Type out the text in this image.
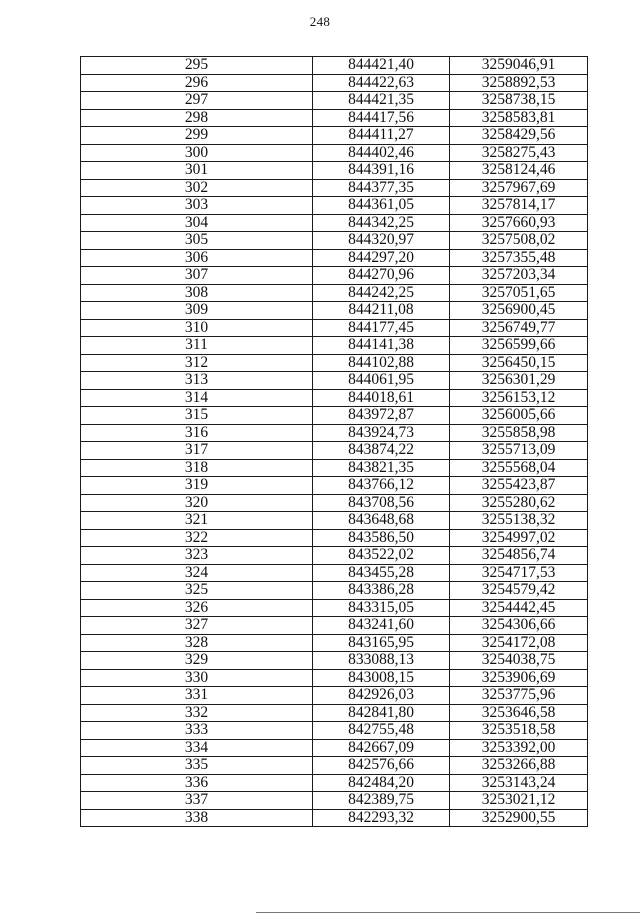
248
295	844421,40	3259046,91
296	844422,63	3258892,53
297	844421,35	3258738,15
298	844417,56	3258583,81
299	844411,27	3258429,56
300	844402,46	3258275,43
301	844391,16	3258124,46
302	844377,35	3257967,69
303	844361,05	3257814,17
304	844342,25	3257660,93
305	844320,97	3257508,02
306	844297,20	3257355,48
307	844270,96	3257203,34
308	844242,25	3257051,65
309	844211,08	3256900,45
310	844177,45	3256749,77
311	844141,38	3256599,66
312	844102,88	3256450,15
313	844061,95	3256301,29
314	844018,61	3256153,12
315	843972,87	3256005,66
316	843924,73	3255858,98
317	843874,22	3255713,09
318	843821,35	3255568,04
319	843766,12	3255423,87
320	843708,56	3255280,62
321	843648,68	3255138,32
322	843586,50	3254997,02
323	843522,02	3254856,74
324	843455,28	3254717,53
325	843386,28	3254579,42
326	843315,05	3254442,45
327	843241,60	3254306,66
328	843165,95	3254172,08
329	833088,13	3254038,75
330	843008,15	3253906,69
331	842926,03	3253775,96
332	842841,80	3253646,58
333	842755,48	3253518,58
334	842667,09	3253392,00
335	842576,66	3253266,88
336	842484,20	3253143,24
337	842389,75	3253021,12
338	842293,32	3252900,55
